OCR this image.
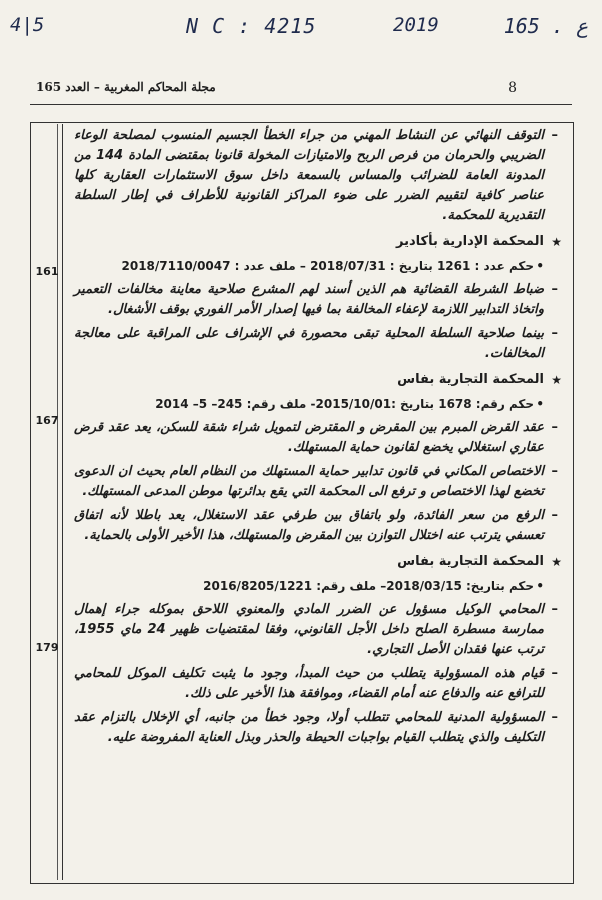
4|5	N C : 4215	2019	165 . ع
مجلة المحاكم المغربية – العدد 165	8
161
167
179
– التوقف النهائي عن النشاط المهني من جراء الخطأ الجسيم المنسوب لمصلحة الوعاء الضريبي والحرمان من فرص الربح والامتيازات المخولة قانونا بمقتضى المادة 144 من المدونة العامة للضرائب والمساس بالسمعة داخل سوق الاستثمارات العقارية كلها عناصر كافية لتقييم الضرر على ضوء المراكز القانونية للأطراف في إطار السلطة التقديرية للمحكمة.
★ المحكمة الإدارية بأكادير
• حكم عدد : 1261 بتاريخ : 2018/07/31 – ملف عدد : 2018/7110/0047
– ضباط الشرطة القضائية هم الذين أسند لهم المشرع صلاحية معاينة مخالفات التعمير واتخاذ التدابير اللازمة لإعفاء المخالفة بما فيها إصدار الأمر الفوري بوقف الأشغال.
– بينما صلاحية السلطة المحلية تبقى محصورة في الإشراف على المراقبة على معالجة المخالفات.
★ المحكمة التجارية بفاس
• حكم رقم: 1678 بتاريخ :2015/10/01- ملف رقم: 245– 5– 2014
– عقد القرض المبرم بين المقرض و المقترض لتمويل شراء شقة للسكن، يعد عقد قرض عقاري استغلالي يخضع لقانون حماية المستهلك.
– الاختصاص المكاني في قانون تدابير حماية المستهلك من النظام العام بحيث ان الدعوى تخضع لهذا الاختصاص و ترفع الى المحكمة التي يقع بدائرتها موطن المدعى المستهلك.
– الرفع من سعر الفائدة، ولو باتفاق بين طرفي عقد الاستغلال، يعد باطلا لأنه اتفاق تعسفي يترتب عنه اختلال التوازن بين المقرض والمستهلك، هذا الأخير الأولى بالحماية.
★ المحكمة التجارية بفاس
• حكم بتاريخ: 2018/03/15– ملف رقم: 2016/8205/1221
– المحامي الوكيل مسؤول عن الضرر المادي والمعنوي اللاحق بموكله جراء إهمال ممارسة مسطرة الصلح داخل الأجل القانوني، وفقا لمقتضيات ظهير 24 ماي 1955، ترتب عنها فقدان الأصل التجاري.
– قيام هذه المسؤولية يتطلب من حيث المبدأ، وجود ما يثبت تكليف الموكل للمحامي للترافع عنه والدفاع عنه أمام القضاء، وموافقة هذا الأخير على ذلك.
– المسؤولية المدنية للمحامي تتطلب أولا، وجود خطأ من جانبه، أي الإخلال بالتزام عقد التكليف والذي يتطلب القيام بواجبات الحيطة والحذر وبذل العناية المفروضة عليه.
